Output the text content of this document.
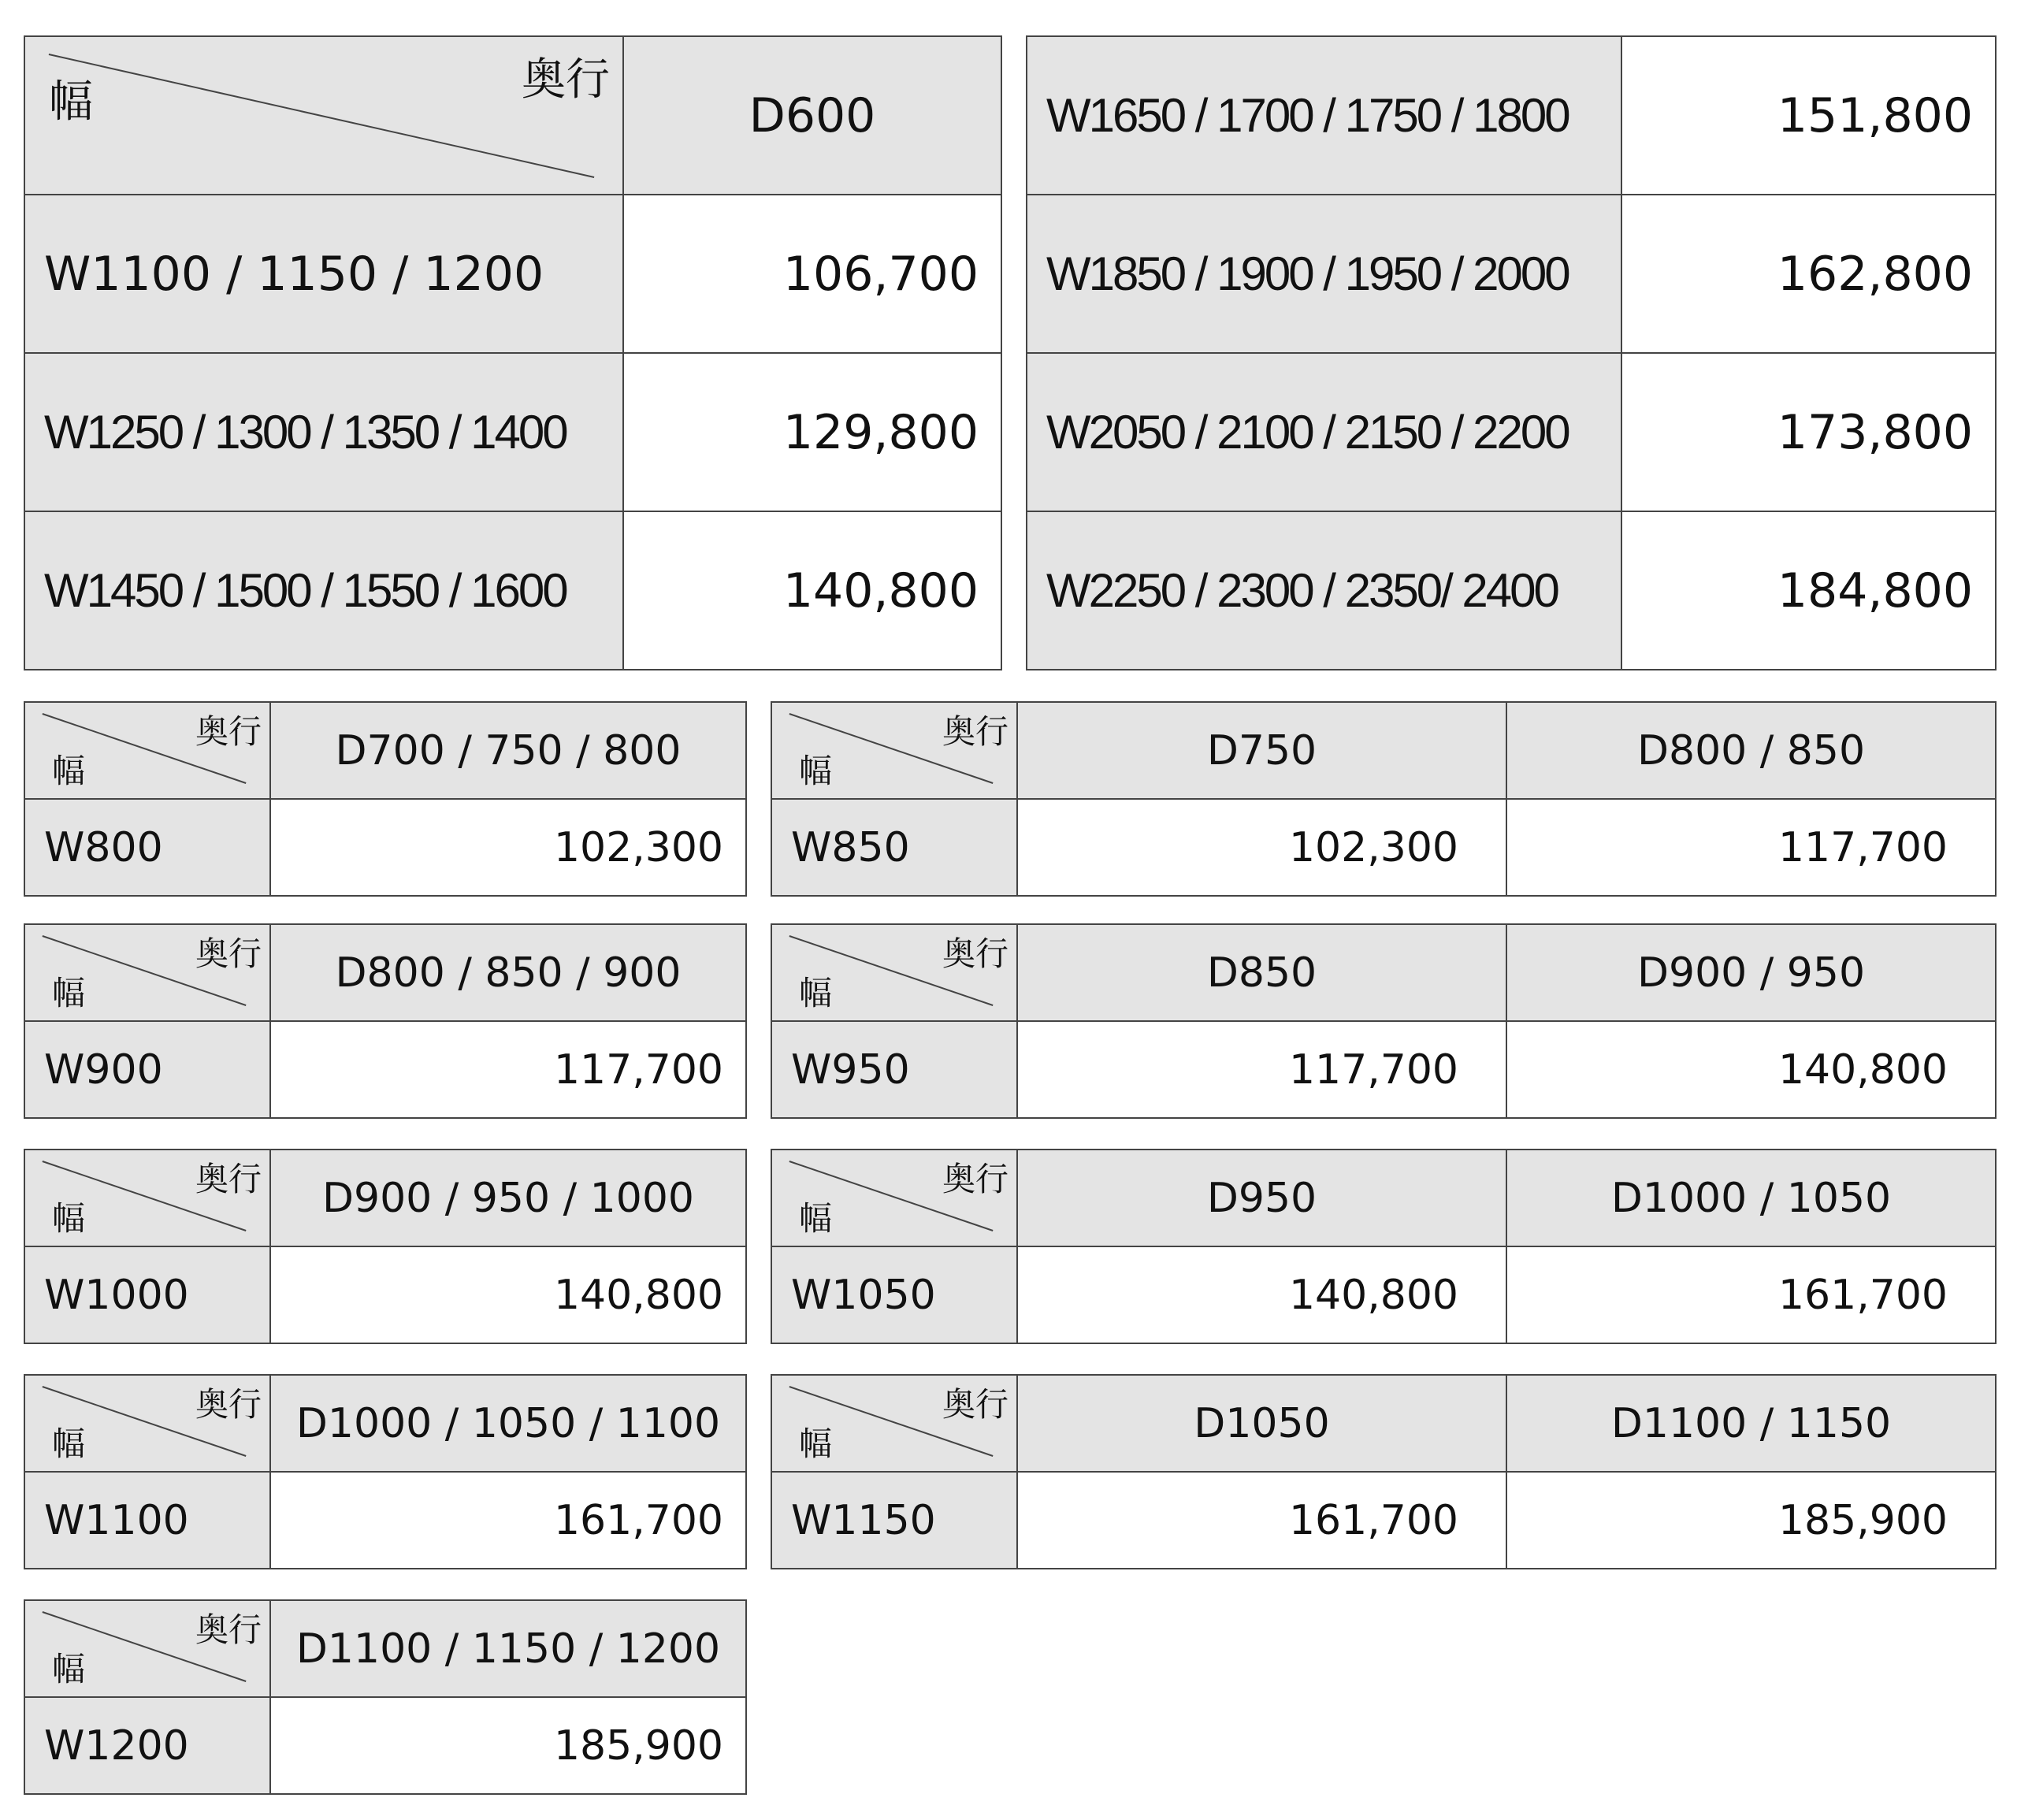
奥行
幅	D600
W1100 / 1150 / 1200	106,700
W1250 / 1300 / 1350 / 1400	129,800
W1450 / 1500 / 1550 / 1600	140,800
W1650 / 1700 / 1750 / 1800	151,800
W1850 / 1900 / 1950 / 2000	162,800
W2050 / 2100 / 2150 / 2200	173,800
W2250 / 2300 / 2350/ 2400	184,800
奥行
幅	D700 / 750 / 800
W800	102,300
奥行
幅	D800 / 850 / 900
W900	117,700
奥行
幅	D900 / 950 / 1000
W1000	140,800
奥行
幅	D1000 / 1050 / 1100
W1100	161,700
奥行
幅	D1100 / 1150 / 1200
W1200	185,900
奥行
幅	D750	D800 / 850
W850	102,300	117,700
奥行
幅	D850	D900 / 950
W950	117,700	140,800
奥行
幅	D950	D1000 / 1050
W1050	140,800	161,700
奥行
幅	D1050	D1100 / 1150
W1150	161,700	185,900
